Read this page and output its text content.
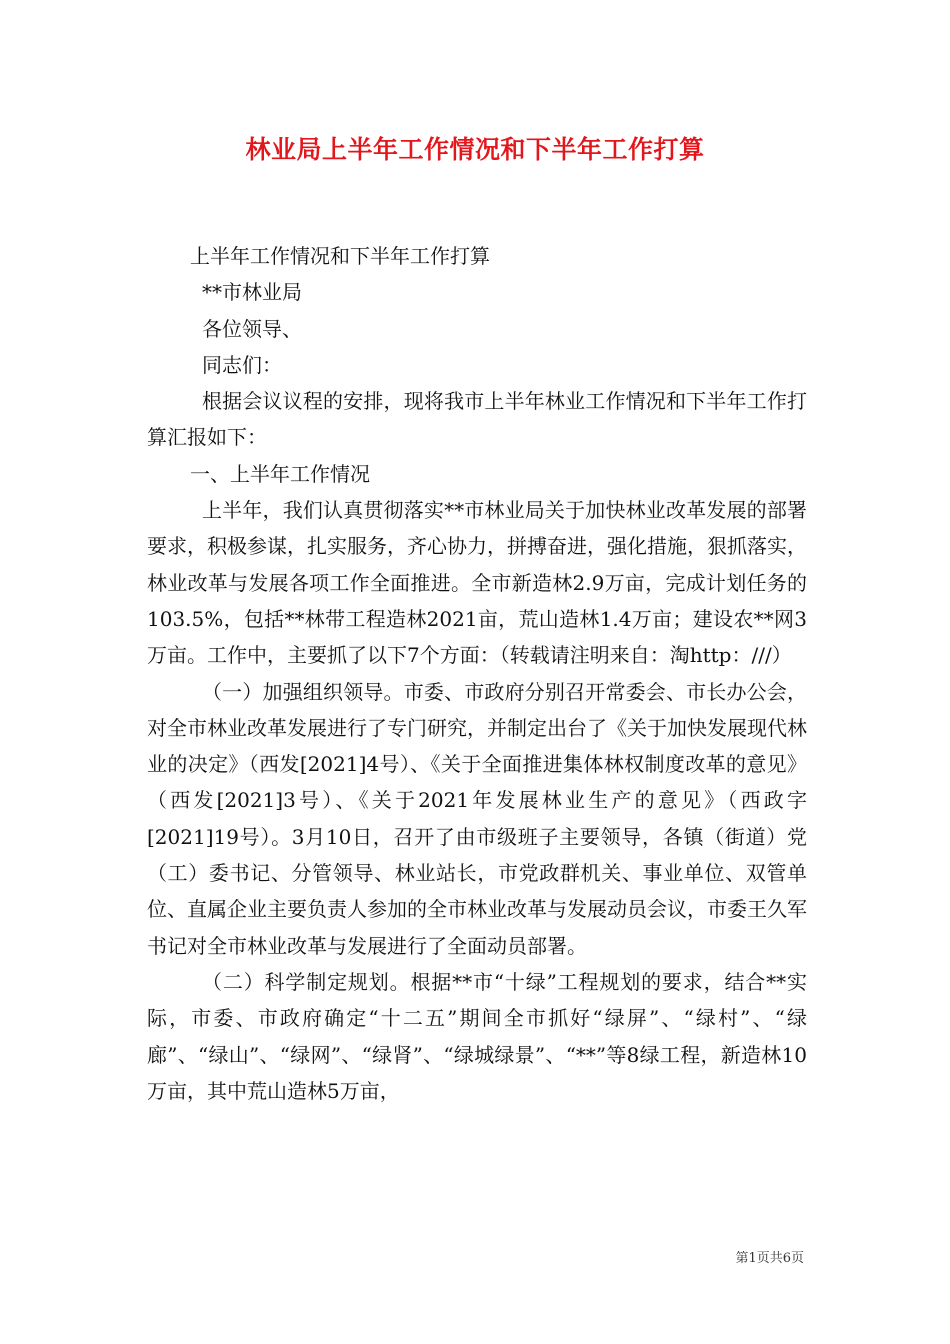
林业局上半年工作情况和下半年工作打算

上半年工作情况和下半年工作打算

**市林业局

各位领导、

同志们：

根据会议议程的安排，现将我市上半年林业工作情况和下半年工作打算汇报如下：

一、上半年工作情况

上半年，我们认真贯彻落实**市林业局关于加快林业改革发展的部署要求，积极参谋，扎实服务，齐心协力，拼搏奋进，强化措施，狠抓落实，林业改革与发展各项工作全面推进。全市新造林2.9万亩，完成计划任务的103.5%，包括**林带工程造林2021亩，荒山造林1.4万亩；建设农**网3万亩。工作中，主要抓了以下7个方面：（转载请注明来自：淘http：///）

（一）加强组织领导。市委、市政府分别召开常委会、市长办公会，对全市林业改革发展进行了专门研究，并制定出台了《关于加快发展现代林业的决定》（西发[2021]4号）、《关于全面推进集体林权制度改革的意见》（西发[2021]3号）、《关于2021年发展林业生产的意见》（西政字[2021]19号）。3月10日，召开了由市级班子主要领导，各镇（街道）党（工）委书记、分管领导、林业站长，市党政群机关、事业单位、双管单位、直属企业主要负责人参加的全市林业改革与发展动员会议，市委王久军书记对全市林业改革与发展进行了全面动员部署。

（二）科学制定规划。根据**市“十绿”工程规划的要求，结合**实际，市委、市政府确定“十二五”期间全市抓好“绿屏”、“绿村”、“绿廊”、“绿山”、“绿网”、“绿肾”、“绿城绿景”、“**”等8绿工程，新造林10万亩，其中荒山造林5万亩，

第1页共6页
